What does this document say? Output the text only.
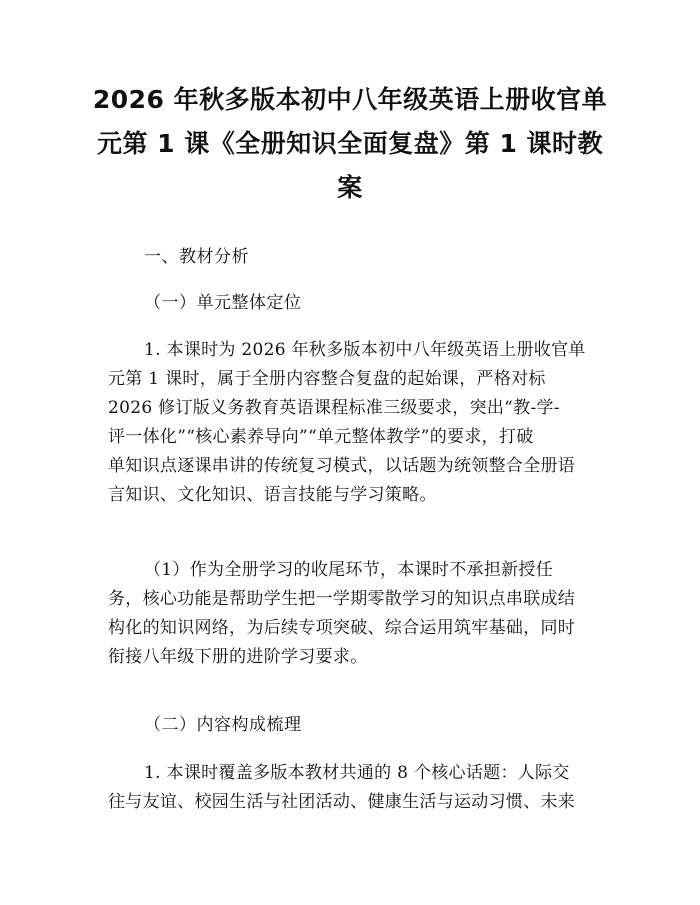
2026 年秋多版本初中八年级英语上册收官单
元第 1 课《全册知识全面复盘》第 1 课时教
案
一、教材分析
（一）单元整体定位
1. 本课时为 2026 年秋多版本初中八年级英语上册收官单
元第 1 课时，属于全册内容整合复盘的起始课，严格对标
2026 修订版义务教育英语课程标准三级要求，突出“教-学-
评一体化”“核心素养导向”“单元整体教学”的要求，打破
单知识点逐课串讲的传统复习模式，以话题为统领整合全册语
言知识、文化知识、语言技能与学习策略。
（1）作为全册学习的收尾环节，本课时不承担新授任
务，核心功能是帮助学生把一学期零散学习的知识点串联成结
构化的知识网络，为后续专项突破、综合运用筑牢基础，同时
衔接八年级下册的进阶学习要求。
（二）内容构成梳理
1. 本课时覆盖多版本教材共通的 8 个核心话题：人际交
往与友谊、校园生活与社团活动、健康生活与运动习惯、未来
